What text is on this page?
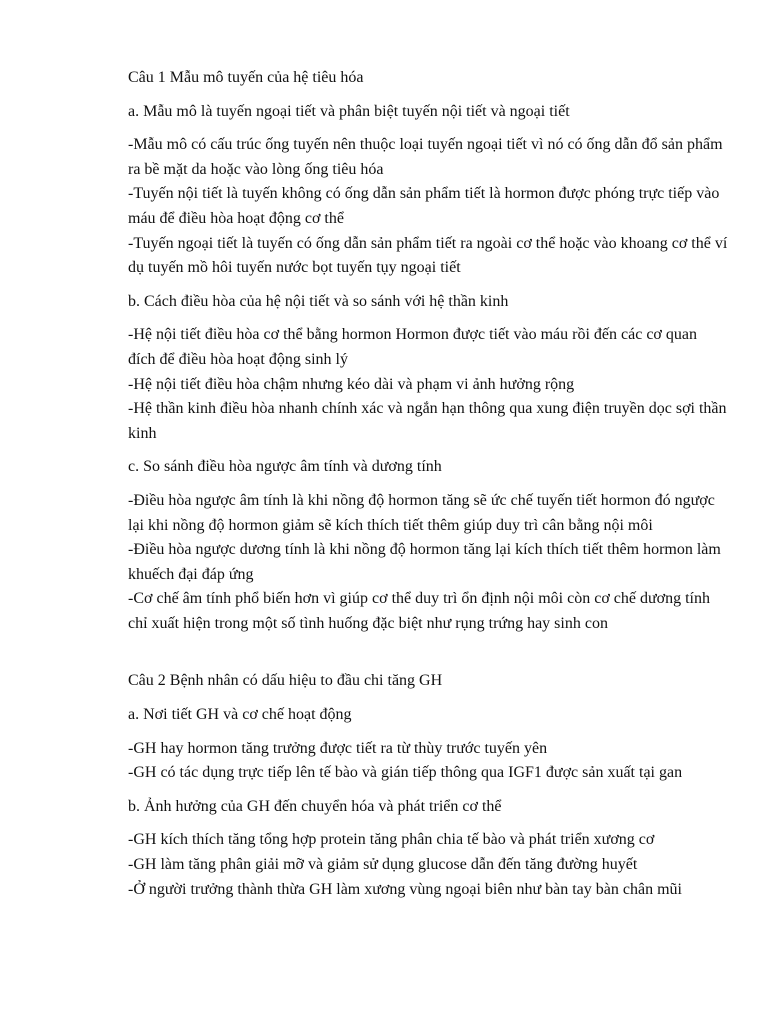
Câu 1 Mẫu mô tuyến của hệ tiêu hóa

a. Mẫu mô là tuyến ngoại tiết và phân biệt tuyến nội tiết và ngoại tiết

-Mẫu mô có cấu trúc ống tuyến nên thuộc loại tuyến ngoại tiết vì nó có ống dẫn đổ sản phẩm ra bề mặt da hoặc vào lòng ống tiêu hóa

-Tuyến nội tiết là tuyến không có ống dẫn sản phẩm tiết là hormon được phóng trực tiếp vào máu để điều hòa hoạt động cơ thể

-Tuyến ngoại tiết là tuyến có ống dẫn sản phẩm tiết ra ngoài cơ thể hoặc vào khoang cơ thể ví dụ tuyến mồ hôi tuyến nước bọt tuyến tụy ngoại tiết

b. Cách điều hòa của hệ nội tiết và so sánh với hệ thần kinh

-Hệ nội tiết điều hòa cơ thể bằng hormon Hormon được tiết vào máu rồi đến các cơ quan đích để điều hòa hoạt động sinh lý

-Hệ nội tiết điều hòa chậm nhưng kéo dài và phạm vi ảnh hưởng rộng

-Hệ thần kinh điều hòa nhanh chính xác và ngắn hạn thông qua xung điện truyền dọc sợi thần kinh

c. So sánh điều hòa ngược âm tính và dương tính

-Điều hòa ngược âm tính là khi nồng độ hormon tăng sẽ ức chế tuyến tiết hormon đó ngược lại khi nồng độ hormon giảm sẽ kích thích tiết thêm giúp duy trì cân bằng nội môi

-Điều hòa ngược dương tính là khi nồng độ hormon tăng lại kích thích tiết thêm hormon làm khuếch đại đáp ứng

-Cơ chế âm tính phổ biến hơn vì giúp cơ thể duy trì ổn định nội môi còn cơ chế dương tính chỉ xuất hiện trong một số tình huống đặc biệt như rụng trứng hay sinh con

Câu 2 Bệnh nhân có dấu hiệu to đầu chi tăng GH

a. Nơi tiết GH và cơ chế hoạt động

-GH hay hormon tăng trưởng được tiết ra từ thùy trước tuyến yên

-GH có tác dụng trực tiếp lên tế bào và gián tiếp thông qua IGF1 được sản xuất tại gan

b. Ảnh hưởng của GH đến chuyển hóa và phát triển cơ thể

-GH kích thích tăng tổng hợp protein tăng phân chia tế bào và phát triển xương cơ

-GH làm tăng phân giải mỡ và giảm sử dụng glucose dẫn đến tăng đường huyết

-Ở người trưởng thành thừa GH làm xương vùng ngoại biên như bàn tay bàn chân mũi
